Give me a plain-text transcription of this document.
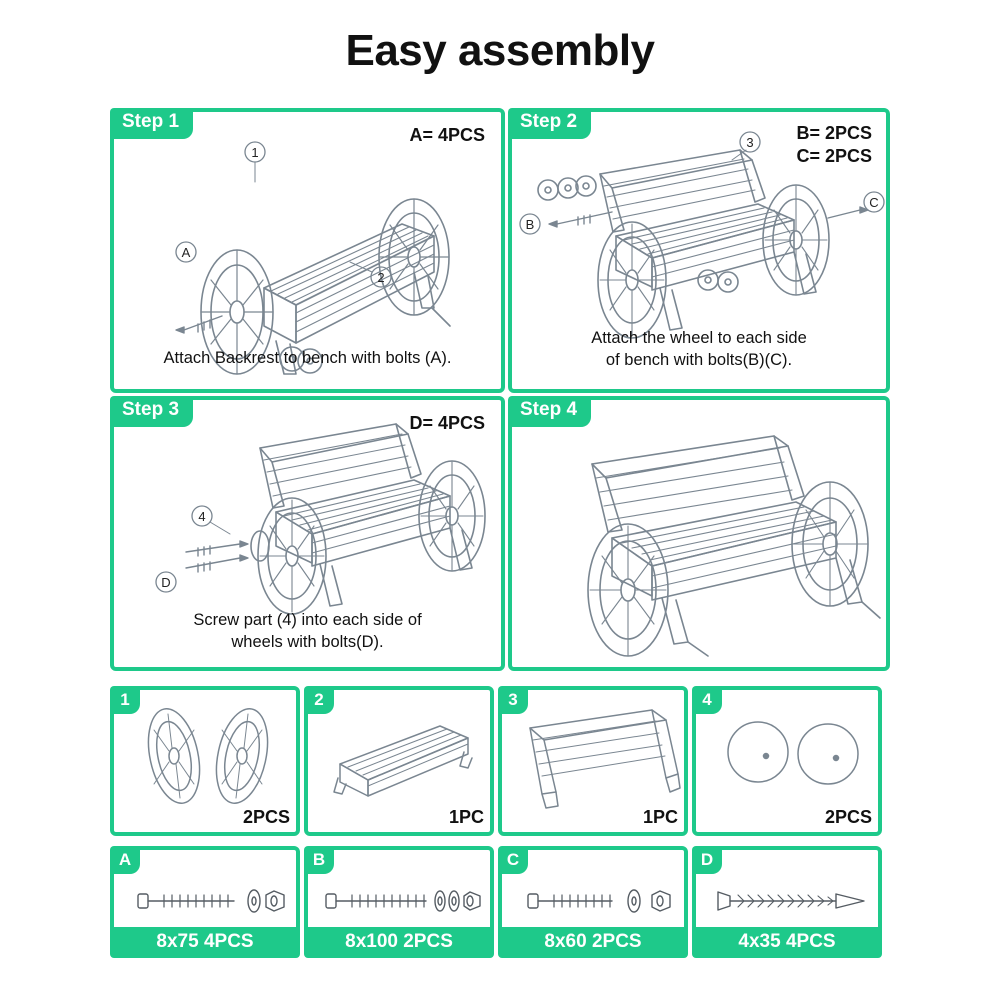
Easy assembly
Step 1
A= 4PCS
1
2
A
Attach Backrest to bench with bolts (A).
Step 2
B= 2PCS
C= 2PCS
3
B
C
Attach the wheel to each side
of bench with bolts(B)(C).
Step 3
D= 4PCS
4
D
Screw part (4) into each side of
wheels with bolts(D).
Step 4
1
2PCS
2
1PC
3
1PC
4
2PCS
A
8x75 4PCS
B
8x100 2PCS
C
8x60 2PCS
D
4x35 4PCS
